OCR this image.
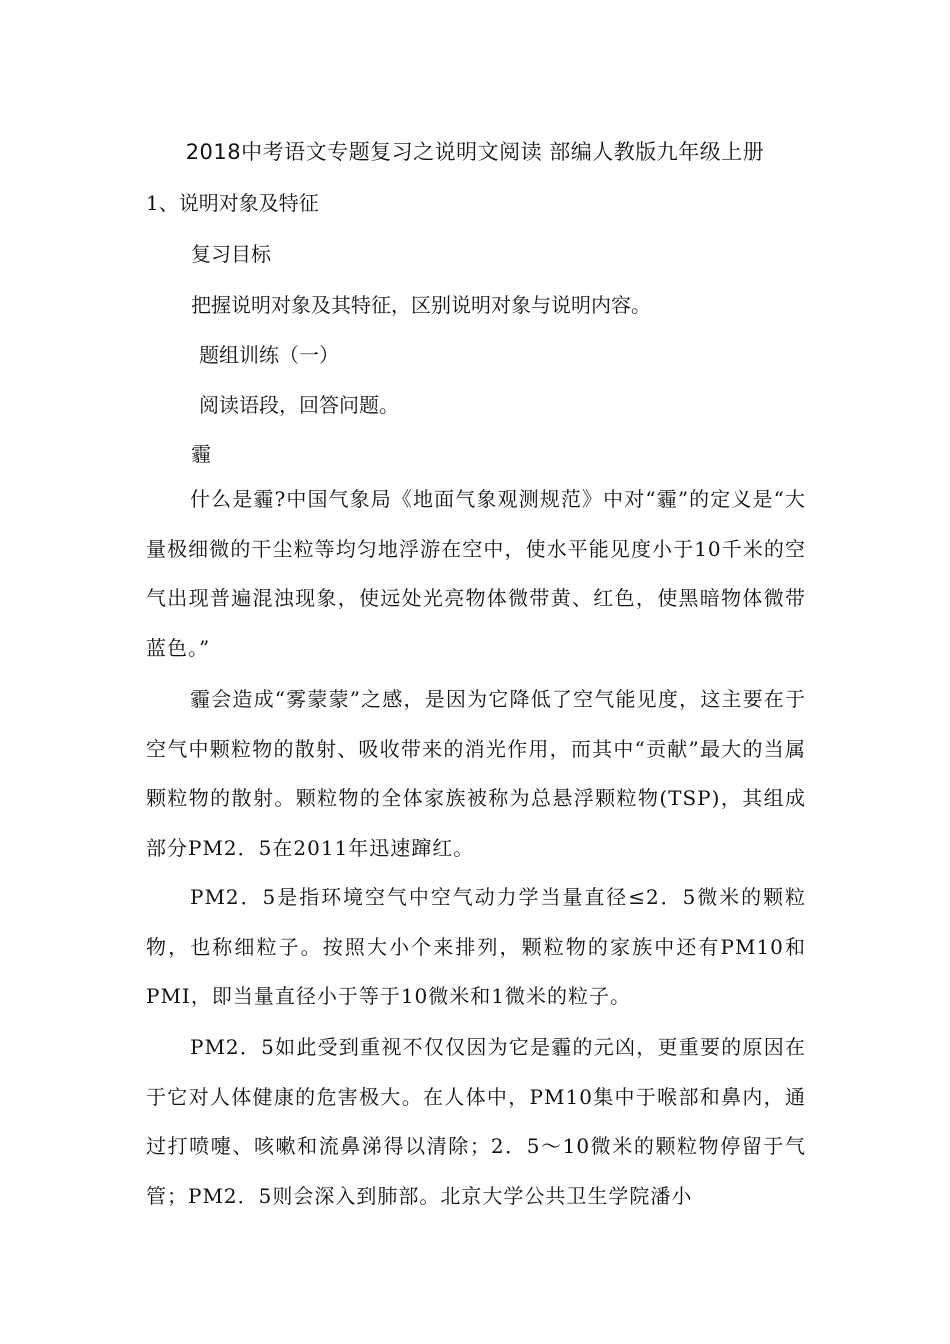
2018中考语文专题复习之说明文阅读 部编人教版九年级上册
1、说明对象及特征
复习目标
把握说明对象及其特征，区别说明对象与说明内容。
题组训练（一）
阅读语段，回答问题。
霾

什么是霾?中国气象局《地面气象观测规范》中对“霾”的定义是“大量极细微的干尘粒等均匀地浮游在空中，使水平能见度小于10千米的空气出现普遍混浊现象，使远处光亮物体微带黄、红色，使黑暗物体微带蓝色。”

霾会造成“雾蒙蒙”之感，是因为它降低了空气能见度，这主要在于空气中颗粒物的散射、吸收带来的消光作用，而其中“贡献”最大的当属颗粒物的散射。颗粒物的全体家族被称为总悬浮颗粒物(TSP)，其组成部分PM2．5在2011年迅速蹿红。

PM2．5是指环境空气中空气动力学当量直径≤2．5微米的颗粒物，也称细粒子。按照大小个来排列，颗粒物的家族中还有PM10和PMI，即当量直径小于等于10微米和1微米的粒子。

PM2．5如此受到重视不仅仅因为它是霾的元凶，更重要的原因在于它对人体健康的危害极大。在人体中，PM10集中于喉部和鼻内，通过打喷嚏、咳嗽和流鼻涕得以清除；2．5～10微米的颗粒物停留于气管；PM2．5则会深入到肺部。北京大学公共卫生学院潘小
